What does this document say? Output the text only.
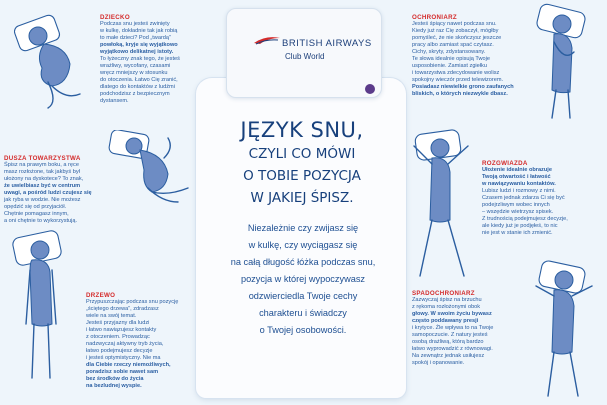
BRITISH AIRWAYS
Club World
JĘZYK SNU,
CZYLI CO MÓWI
O TOBIE POZYCJA
W JAKIEJ ŚPISZ.
Niezależnie czy zwijasz się
w kulkę, czy wyciągasz się
na całą długość łóżka podczas snu,
pozycja w której wypoczywasz
odzwierciedla Twoje cechy
charakteru i świadczy
o Twojej osobowości.
DZIECKO
Podczas snu jesteś zwinięty
w kulkę, dokładnie tak jak robią
to małe dzieci? Pod „twardą”
powłoką, kryje się wyjątkowo
wyjątkowo delikatnej istoty.
To łyżeczny znak tego, że jesteś
wrażliwy, wycofany, czasami
wręcz mniejszy w stosunku
do otoczenia. Łatwo Cię zranić,
dlatego do kontaktów z ludźmi
podchodzisz z bezpiecznym
dystansem.
DUSZA TOWARZYSTWA
Śpisz na prawym boku, a ręce
masz rozłożone, tak jakbyś był
ułożony na dyskotece? To znak,
że uwielbiasz być w centrum
uwagi, a pośród ludzi czujesz się
jak ryba w wodzie. Nie możesz
opędzić się od przyjaciół.
Chętnie pomagasz innym,
a oni chętnie to wykorzystują.
DRZEWO
Przypuszczając podczas snu pozycję
„ściętego drzewa”, zdradzasz
wiele na swój temat.
Jesteś przyjazny dla ludzi
i łatwo nawiązujesz kontakty
z otoczeniem. Prowadząc
nadzwyczaj aktywny tryb życia,
łatwo podejmujesz decyzje
i jesteś optymistyczny. Nie ma
dla Ciebie rzeczy niemożliwych,
poradzisz sobie nawet sam
bez środków do życia
na bezludnej wyspie.
OCHRONIARZ
Jesteś śpiący nawet podczas snu.
Kiedy już raz Cię zobaczył, mógłby
pomyśleć, że nie skończysz jeszcze
pracy albo zamiast spać czytasz.
Cichy, skryty, zdystansowany.
Te słowa idealnie opisują Twoje
usposobienie. Zamiast zgiełku
i towarzystwa zdecydowanie wolisz
spokojny wieczór przed telewizorem.
Posiadasz niewielkie grono zaufanych
bliskich, o których niezwykle dbasz.
ROZGWIAZDA
Ułożenie idealnie obrazuje
Twoją otwartość i łatwość
w nawiązywaniu kontaktów.
Lubisz ludzi i rozmowy z nimi.
Czasem jednak zdarza Ci się być
podejrzliwym wobec innych
– wszędzie wietrzysz spisek.
Z trudnością podejmujesz decyzje,
ale kiedy już je podjęłeś, to nic
nie jest w stanie ich zmienić.
SPADOCHRONIARZ
Zazwyczaj śpisz na brzuchu
z rękoma rozłożonymi obok
głowy. W swoim życiu bywasz
często poddawany presji
i krytyce. Źle wpływa to na Twoje
samopoczucie. Z natury jesteś
osobą drażliwą, którą bardzo
łatwo wyprowadzić z równowagi.
Na zewnątrz jednak usiłujesz
spokój i opanowanie.
